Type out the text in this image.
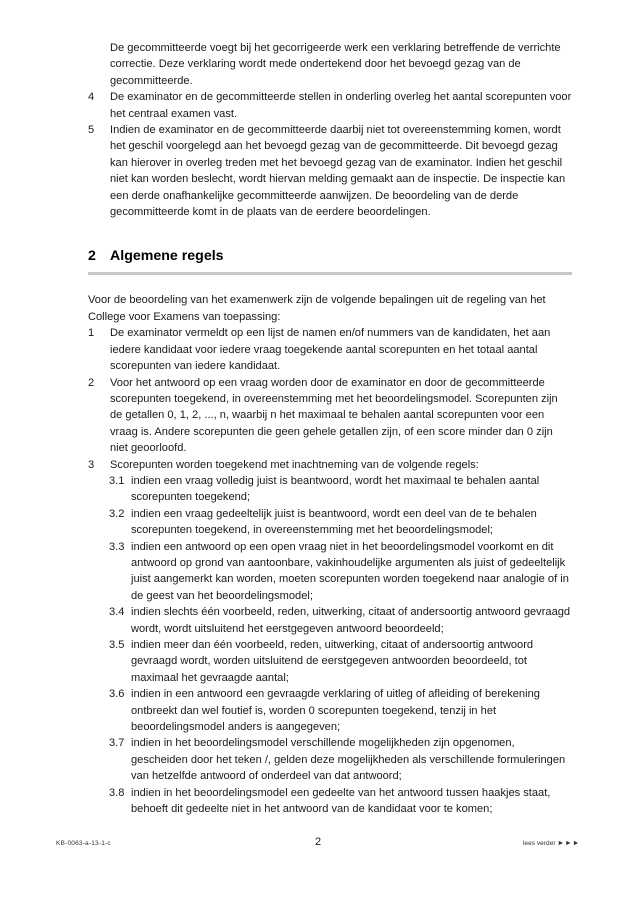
De gecommitteerde voegt bij het gecorrigeerde werk een verklaring betreffende de verrichte correctie. Deze verklaring wordt mede ondertekend door het bevoegd gezag van de gecommitteerde.

4	De examinator en de gecommitteerde stellen in onderling overleg het aantal scorepunten voor het centraal examen vast.
5	Indien de examinator en de gecommitteerde daarbij niet tot overeenstemming komen, wordt het geschil voorgelegd aan het bevoegd gezag van de gecommitteerde. Dit bevoegd gezag kan hierover in overleg treden met het bevoegd gezag van de examinator. Indien het geschil niet kan worden beslecht, wordt hiervan melding gemaakt aan de inspectie. De inspectie kan een derde onafhankelijke gecommitteerde aanwijzen. De beoordeling van de derde gecommitteerde komt in de plaats van de eerdere beoordelingen.
2 Algemene regels

Voor de beoordeling van het examenwerk zijn de volgende bepalingen uit de regeling van het College voor Examens van toepassing:

1	De examinator vermeldt op een lijst de namen en/of nummers van de kandidaten, het aan iedere kandidaat voor iedere vraag toegekende aantal scorepunten en het totaal aantal scorepunten van iedere kandidaat.
2	Voor het antwoord op een vraag worden door de examinator en door de gecommitteerde scorepunten toegekend, in overeenstemming met het beoordelingsmodel. Scorepunten zijn de getallen 0, 1, 2, ..., n, waarbij n het maximaal te behalen aantal scorepunten voor een vraag is. Andere scorepunten die geen gehele getallen zijn, of een score minder dan 0 zijn niet geoorloofd.
3	Scorepunten worden toegekend met inachtneming van de volgende regels:
3.1 indien een vraag volledig juist is beantwoord, wordt het maximaal te behalen aantal scorepunten toegekend;
3.2 indien een vraag gedeeltelijk juist is beantwoord, wordt een deel van de te behalen scorepunten toegekend, in overeenstemming met het beoordelingsmodel;
3.3 indien een antwoord op een open vraag niet in het beoordelingsmodel voorkomt en dit antwoord op grond van aantoonbare, vakinhoudelijke argumenten als juist of gedeeltelijk juist aangemerkt kan worden, moeten scorepunten worden toegekend naar analogie of in de geest van het beoordelingsmodel;
3.4 indien slechts één voorbeeld, reden, uitwerking, citaat of andersoortig antwoord gevraagd wordt, wordt uitsluitend het eerstgegeven antwoord beoordeeld;
3.5 indien meer dan één voorbeeld, reden, uitwerking, citaat of andersoortig antwoord gevraagd wordt, worden uitsluitend de eerstgegeven antwoorden beoordeeld, tot maximaal het gevraagde aantal;
3.6 indien in een antwoord een gevraagde verklaring of uitleg of afleiding of berekening ontbreekt dan wel foutief is, worden 0 scorepunten toegekend, tenzij in het beoordelingsmodel anders is aangegeven;
3.7 indien in het beoordelingsmodel verschillende mogelijkheden zijn opgenomen, gescheiden door het teken /, gelden deze mogelijkheden als verschillende formuleringen van hetzelfde antwoord of onderdeel van dat antwoord;
3.8 indien in het beoordelingsmodel een gedeelte van het antwoord tussen haakjes staat, behoeft dit gedeelte niet in het antwoord van de kandidaat voor te komen;
KB-0063-a-13-1-c	2	lees verder ►►►
